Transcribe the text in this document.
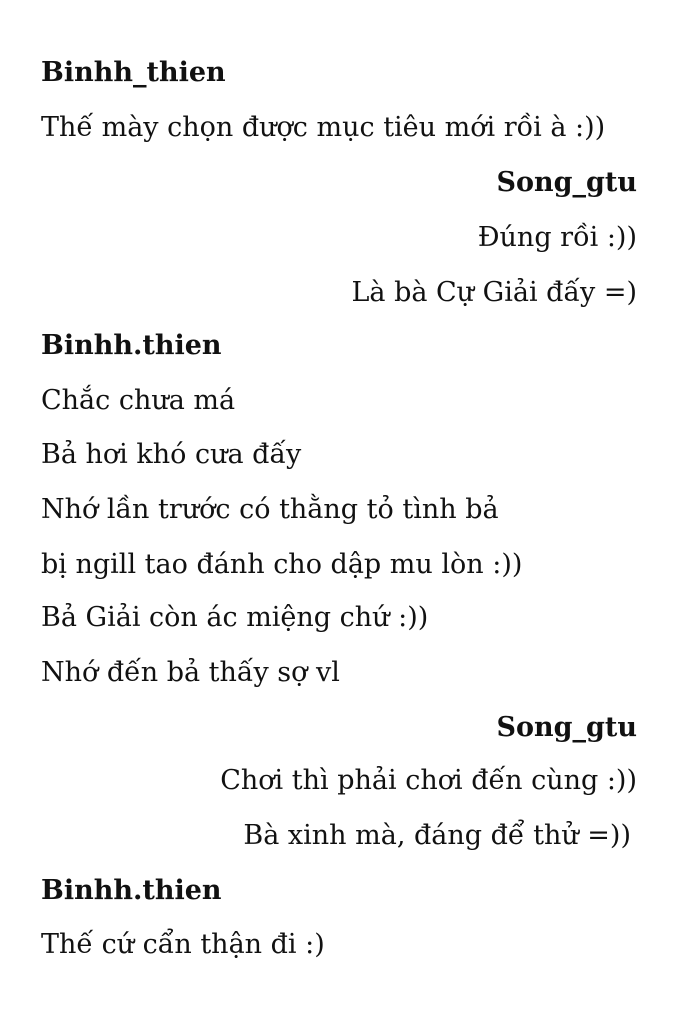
Binhh_thien
Thế mày chọn được mục tiêu mới rồi à :))
Song_gtu
Đúng rồi :))
Là bà Cự Giải đấy =)
Binhh.thien
Chắc chưa má
Bả hơi khó cưa đấy
Nhớ lần trước có thằng tỏ tình bả
bị ngill tao đánh cho dập mu lòn :))
Bả Giải còn ác miệng chứ :))
Nhớ đến bả thấy sợ vl
Song_gtu
Chơi thì phải chơi đến cùng :))
Bà xinh mà, đáng để thử =))
Binhh.thien
Thế cứ cẩn thận đi :)
